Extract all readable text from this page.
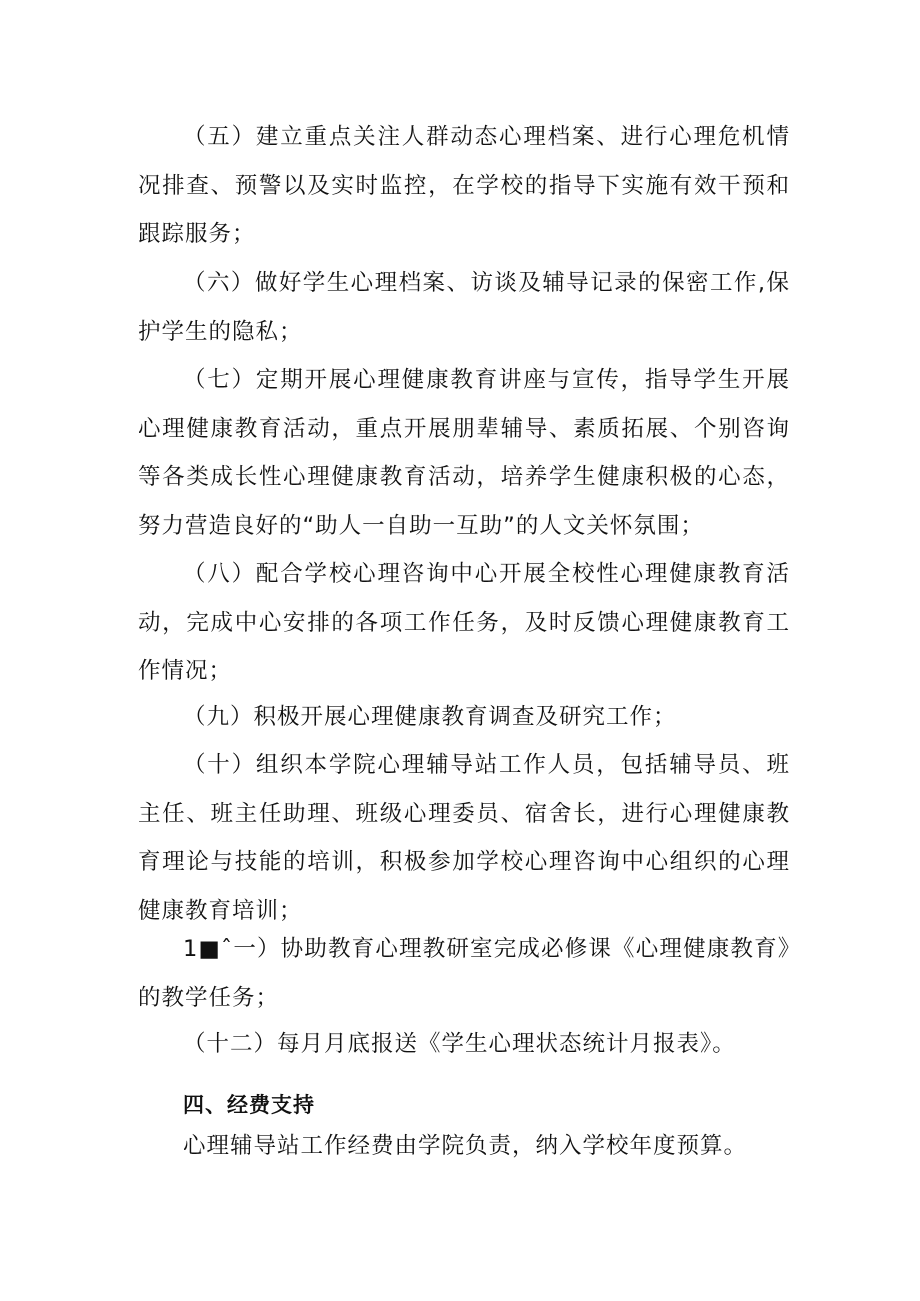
（五）建立重点关注人群动态心理档案、进行心理危机情况排查、预警以及实时监控，在学校的指导下实施有效干预和跟踪服务；

（六）做好学生心理档案、访谈及辅导记录的保密工作,保护学生的隐私；

（七）定期开展心理健康教育讲座与宣传，指导学生开展心理健康教育活动，重点开展朋辈辅导、素质拓展、个别咨询等各类成长性心理健康教育活动，培养学生健康积极的心态，努力营造良好的“助人一自助一互助”的人文关怀氛围；

（八）配合学校心理咨询中心开展全校性心理健康教育活动，完成中心安排的各项工作任务，及时反馈心理健康教育工作情况；

（九）积极开展心理健康教育调查及研究工作；

（十）组织本学院心理辅导站工作人员，包括辅导员、班主任、班主任助理、班级心理委员、宿舍长，进行心理健康教育理论与技能的培训，积极参加学校心理咨询中心组织的心理健康教育培训；

1■ˆ一）协助教育心理教研室完成必修课《心理健康教育》的教学任务；

（十二）每月月底报送《学生心理状态统计月报表》。

四、经费支持

心理辅导站工作经费由学院负责，纳入学校年度预算。
